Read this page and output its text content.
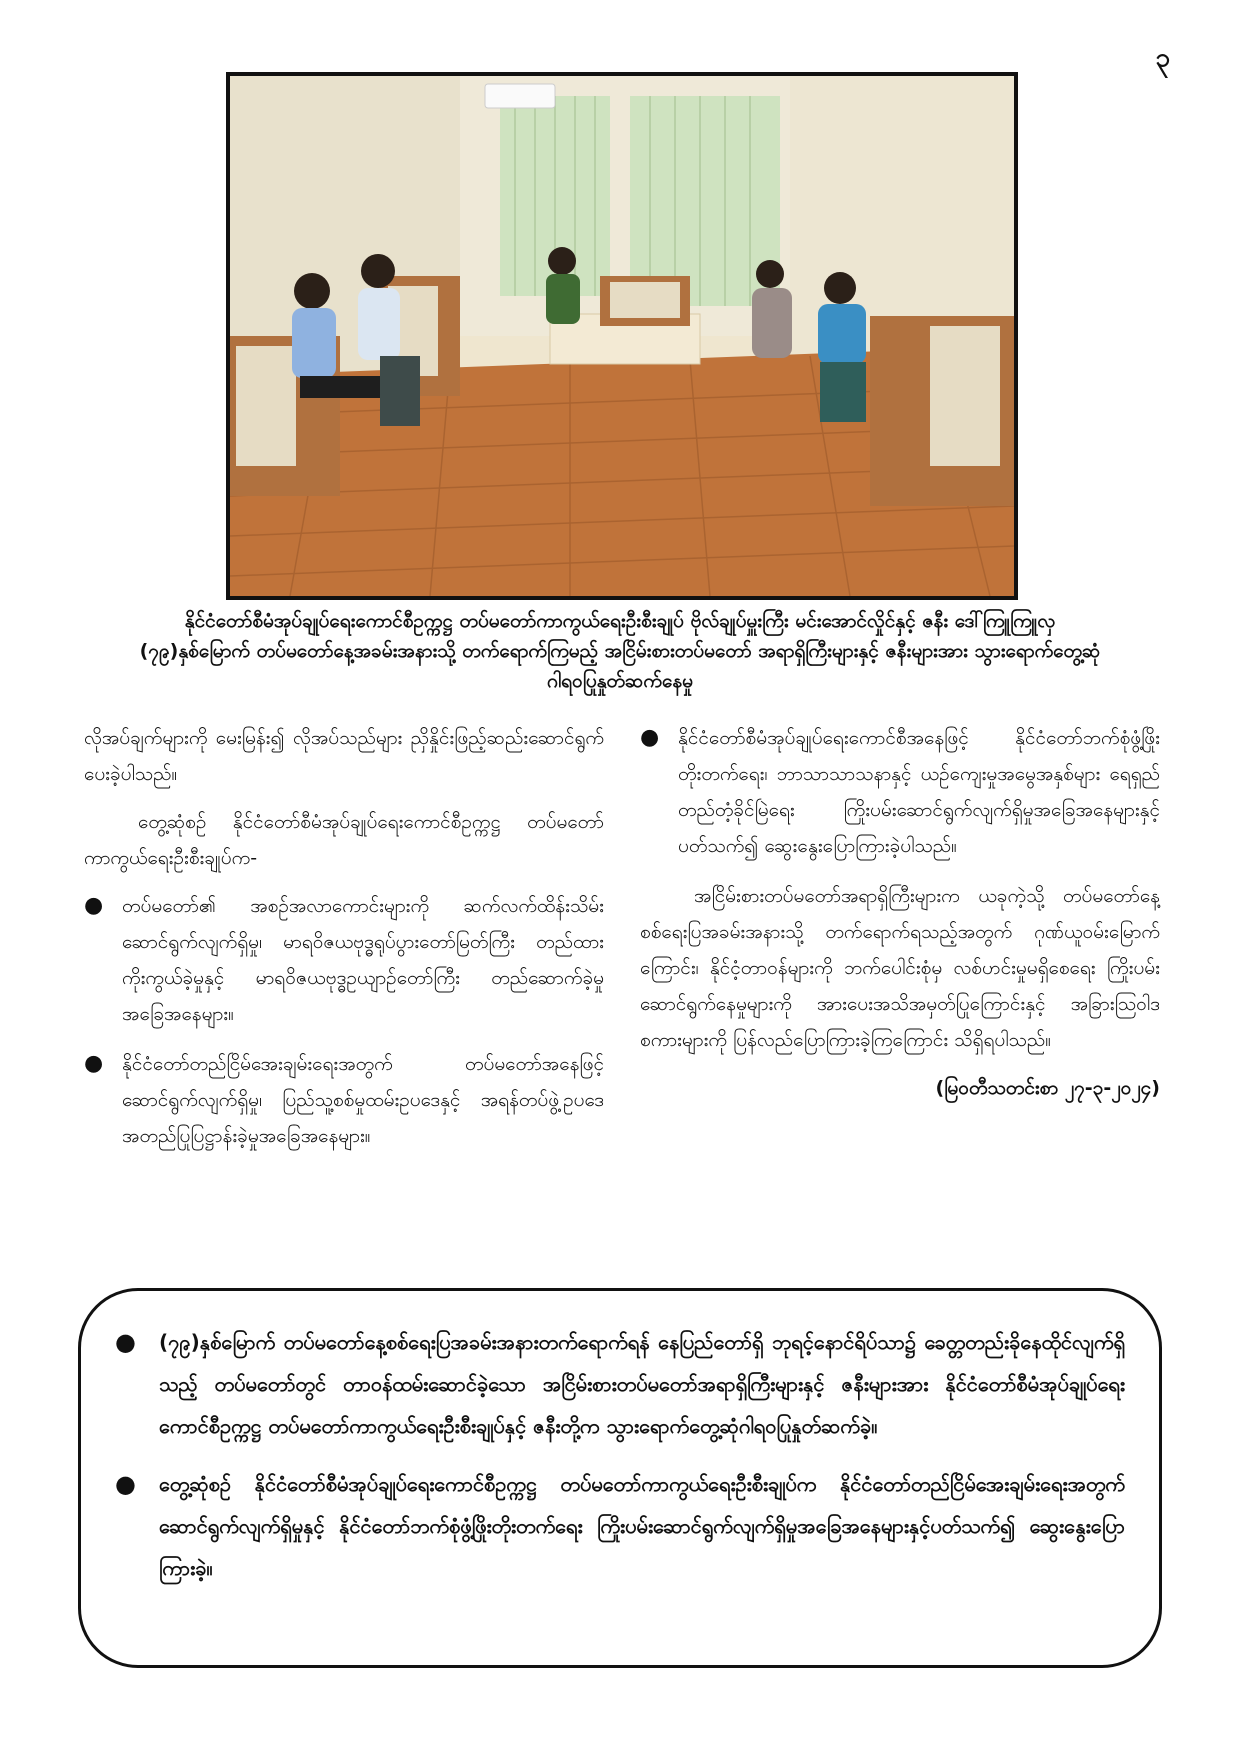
၃
နိုင်ငံတော်စီမံအုပ်ချုပ်ရေးကောင်စီဥက္ကဋ္ဌ တပ်မတော်ကာကွယ်ရေးဦးစီးချုပ် ဗိုလ်ချုပ်မှူးကြီး မင်းအောင်လှိုင်နှင့် ဇနီး ဒေါ်ကြူကြူလှ (၇၉)နှစ်မြောက် တပ်မတော်နေ့အခမ်းအနားသို့ တက်ရောက်ကြမည့် အငြိမ်းစားတပ်မတော် အရာရှိကြီးများနှင့် ဇနီးများအား သွားရောက်တွေ့ဆုံဂါရဝပြုနှုတ်ဆက်နေမှု

လိုအပ်ချက်များကို မေးမြန်း၍ လိုအပ်သည်များ ညှိနှိုင်းဖြည့်ဆည်းဆောင်ရွက်ပေးခဲ့ပါသည်။

တွေ့ဆုံစဉ် နိုင်ငံတော်စီမံအုပ်ချုပ်ရေးကောင်စီဥက္ကဋ္ဌ တပ်မတော်ကာကွယ်ရေးဦးစီးချုပ်က-

● တပ်မတော်၏ အစဉ်အလာကောင်းများကို ဆက်လက်ထိန်းသိမ်းဆောင်ရွက်လျက်ရှိမှု၊ မာရဝိဇယဗုဒ္ဓရုပ်ပွားတော်မြတ်ကြီး တည်ထားကိုးကွယ်ခဲ့မှုနှင့် မာရဝိဇယဗုဒ္ဓဥယျာဉ်တော်ကြီး တည်ဆောက်ခဲ့မှုအခြေအနေများ။
● နိုင်ငံတော်တည်ငြိမ်အေးချမ်းရေးအတွက် တပ်မတော်အနေဖြင့် ဆောင်ရွက်လျက်ရှိမှု၊ ပြည်သူ့စစ်မှုထမ်းဥပဒေနှင့် အရန်တပ်ဖွဲ့ဥပဒေ အတည်ပြုပြဋ္ဌာန်းခဲ့မှုအခြေအနေများ။
● နိုင်ငံတော်စီမံအုပ်ချုပ်ရေးကောင်စီအနေဖြင့် နိုင်ငံတော်ဘက်စုံဖွံ့ဖြိုးတိုးတက်ရေး၊ ဘာသာသာသနာနှင့် ယဉ်ကျေးမှုအမွေအနှစ်များ ရေရှည်တည်တံ့ခိုင်မြဲရေး ကြိုးပမ်းဆောင်ရွက်လျက်ရှိမှုအခြေအနေများနှင့်ပတ်သက်၍ ဆွေးနွေးပြောကြားခဲ့ပါသည်။

အငြိမ်းစားတပ်မတော်အရာရှိကြီးများက ယခုကဲ့သို့ တပ်မတော်နေ့စစ်ရေးပြအခမ်းအနားသို့ တက်ရောက်ရသည့်အတွက် ဂုဏ်ယူဝမ်းမြောက်ကြောင်း၊ နိုင်ငံ့တာဝန်များကို ဘက်ပေါင်းစုံမှ လစ်ဟင်းမှုမရှိစေရေး ကြိုးပမ်းဆောင်ရွက်နေမှုများကို အားပေးအသိအမှတ်ပြုကြောင်းနှင့် အခြားသြဝါဒစကားများကို ပြန်လည်ပြောကြားခဲ့ကြကြောင်း သိရှိရပါသည်။

(မြဝတီသတင်းစာ ၂၇-၃-၂၀၂၄)

● (၇၉)နှစ်မြောက် တပ်မတော်နေ့စစ်ရေးပြအခမ်းအနားတက်ရောက်ရန် နေပြည်တော်ရှိ ဘုရင့်နောင်ရိပ်သာ၌ ခေတ္တတည်းခိုနေထိုင်လျက်ရှိသည့် တပ်မတော်တွင် တာဝန်ထမ်းဆောင်ခဲ့သော အငြိမ်းစားတပ်မတော်အရာရှိကြီးများနှင့် ဇနီးများအား နိုင်ငံတော်စီမံအုပ်ချုပ်ရေးကောင်စီဥက္ကဋ္ဌ တပ်မတော်ကာကွယ်ရေးဦးစီးချုပ်နှင့် ဇနီးတို့က သွားရောက်တွေ့ဆုံဂါရဝပြုနှုတ်ဆက်ခဲ့။
● တွေ့ဆုံစဉ် နိုင်ငံတော်စီမံအုပ်ချုပ်ရေးကောင်စီဥက္ကဋ္ဌ တပ်မတော်ကာကွယ်ရေးဦးစီးချုပ်က နိုင်ငံတော်တည်ငြိမ်အေးချမ်းရေးအတွက် ဆောင်ရွက်လျက်ရှိမှုနှင့် နိုင်ငံတော်ဘက်စုံဖွံ့ဖြိုးတိုးတက်ရေး ကြိုးပမ်းဆောင်ရွက်လျက်ရှိမှုအခြေအနေများနှင့်ပတ်သက်၍ ဆွေးနွေးပြောကြားခဲ့။
